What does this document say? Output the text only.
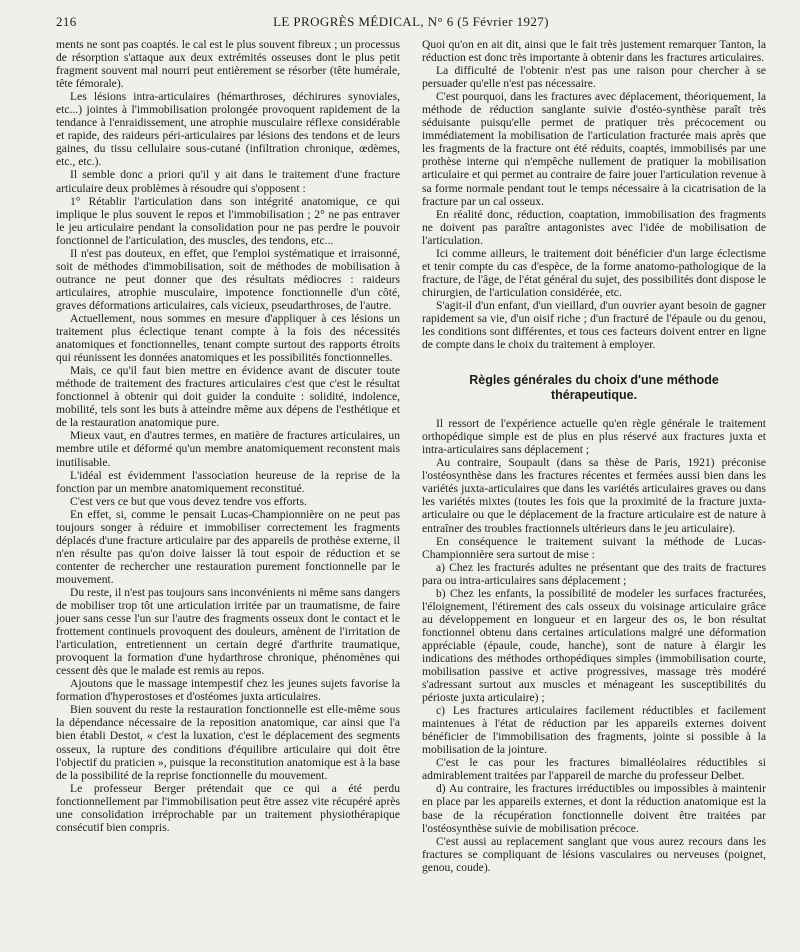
216	LE PROGRÈS MÉDICAL, N° 6 (5 Février 1927)

ments ne sont pas coaptés. le cal est le plus souvent fibreux ; un processus de résorption s'attaque aux deux extrémités osseuses dont le plus petit fragment souvent mal nourri peut entièrement se résorber (tête humérale, tête fémorale).

Les lésions intra-articulaires (hémarthroses, déchirures synoviales, etc...) jointes à l'immobilisation prolongée provoquent rapidement de la tendance à l'enraidissement, une atrophie musculaire réflexe considérable et rapide, des raideurs péri-articulaires par lésions des tendons et de leurs gaines, du tissu cellulaire sous-cutané (infiltration chronique, œdèmes, etc., etc.).

Il semble donc a priori qu'il y ait dans le traitement d'une fracture articulaire deux problèmes à résoudre qui s'opposent :

1° Rétablir l'articulation dans son intégrité anatomique, ce qui implique le plus souvent le repos et l'immobilisation ; 2° ne pas entraver le jeu articulaire pendant la consolidation pour ne pas perdre le pouvoir fonctionnel de l'articulation, des muscles, des tendons, etc...

Il n'est pas douteux, en effet, que l'emploi systématique et irraisonné, soit de méthodes d'immobilisation, soit de méthodes de mobilisation à outrance ne peut donner que des résultats médiocres : raideurs articulaires, atrophie musculaire, impotence fonctionnelle d'un côté, graves déformations articulaires, cals vicieux, pseudarthroses, de l'autre.

Actuellement, nous sommes en mesure d'appliquer à ces lésions un traitement plus éclectique tenant compte à la fois des nécessités anatomiques et fonctionnelles, tenant compte surtout des rapports étroits qui réunissent les données anatomiques et les possibilités fonctionnelles.

Mais, ce qu'il faut bien mettre en évidence avant de discuter toute méthode de traitement des fractures articulaires c'est que c'est le résultat fonctionnel à obtenir qui doit guider la conduite : solidité, indolence, mobilité, tels sont les buts à atteindre même aux dépens de l'esthétique et de la restauration anatomique pure.

Mieux vaut, en d'autres termes, en matière de fractures articulaires, un membre utile et déformé qu'un membre anatomiquement reconstent mais inutilisable.

L'idéal est évidemment l'association heureuse de la reprise de la fonction par un membre anatomiquement reconstitué.

C'est vers ce but que vous devez tendre vos efforts.

En effet, si, comme le pensait Lucas-Championnière on ne peut pas toujours songer à réduire et immobiliser correctement les fragments déplacés d'une fracture articulaire par des appareils de prothèse externe, il n'en résulte pas qu'on doive laisser là tout espoir de réduction et se contenter de rechercher une restauration purement fonctionnelle par le mouvement.

Du reste, il n'est pas toujours sans inconvénients ni même sans dangers de mobiliser trop tôt une articulation irritée par un traumatisme, de faire jouer sans cesse l'un sur l'autre des fragments osseux dont le contact et le frottement continuels provoquent des douleurs, amènent de l'irritation de l'articulation, entretiennent un certain degré d'arthrite traumatique, provoquent la formation d'une hydarthrose chronique, phénomènes qui cessent dès que le malade est remis au repos.

Ajoutons que le massage intempestif chez les jeunes sujets favorise la formation d'hyperostoses et d'ostéomes juxta articulaires.

Bien souvent du reste la restauration fonctionnelle est elle-même sous la dépendance nécessaire de la reposition anatomique, car ainsi que l'a bien établi Destot, « c'est la luxation, c'est le déplacement des segments osseux, la rupture des conditions d'équilibre articulaire qui doit être l'objectif du praticien », puisque la reconstitution anatomique est à la base de la possibilité de la reprise fonctionnelle du mouvement.

Le professeur Berger prétendait que ce qui a été perdu fonctionnellement par l'immobilisation peut être assez vite récupéré après une consolidation irréprochable par un traitement physiothérapique consécutif bien compris.

Quoi qu'on en ait dit, ainsi que le fait très justement remarquer Tanton, la réduction est donc très importante à obtenir dans les fractures articulaires.

La difficulté de l'obtenir n'est pas une raison pour chercher à se persuader qu'elle n'est pas nécessaire.

C'est pourquoi, dans les fractures avec déplacement, théoriquement, la méthode de réduction sanglante suivie d'ostéo-synthèse paraît très séduisante puisqu'elle permet de pratiquer très précocement ou immédiatement la mobilisation de l'articulation fracturée mais après que les fragments de la fracture ont été réduits, coaptés, immobilisés par une prothèse interne qui n'empêche nullement de pratiquer la mobilisation articulaire et qui permet au contraire de faire jouer l'articulation revenue à sa forme normale pendant tout le temps nécessaire à la cicatrisation de la fracture par un cal osseux.

En réalité donc, réduction, coaptation, immobilisation des fragments ne doivent pas paraître antagonistes avec l'idée de mobilisation de l'articulation.

Ici comme ailleurs, le traitement doit bénéficier d'un large éclectisme et tenir compte du cas d'espèce, de la forme anatomo-pathologique de la fracture, de l'âge, de l'état général du sujet, des possibilités dont dispose le chirurgien, de l'articulation considérée, etc.

S'agit-il d'un enfant, d'un vieillard, d'un ouvrier ayant besoin de gagner rapidement sa vie, d'un oisif riche ; d'un fracturé de l'épaule ou du genou, les conditions sont différentes, et tous ces facteurs doivent entrer en ligne de compte dans le choix du traitement à employer.

Règles générales du choix d'une méthode thérapeutique.

Il ressort de l'expérience actuelle qu'en règle générale le traitement orthopédique simple est de plus en plus réservé aux fractures juxta et intra-articulaires sans déplacement ;

Au contraire, Soupault (dans sa thèse de Paris, 1921) préconise l'ostéosynthèse dans les fractures récentes et fermées aussi bien dans les variétés juxta-articulaires que dans les variétés articulaires graves ou dans les variétés mixtes (toutes les fois que la proximité de la fracture juxta-articulaire ou que le déplacement de la fracture articulaire est de nature à entraîner des troubles fractionnels ultérieurs dans le jeu articulaire).

En conséquence le traitement suivant la méthode de Lucas-Championnière sera surtout de mise :

a) Chez les fracturés adultes ne présentant que des traits de fractures para ou intra-articulaires sans déplacement ;

b) Chez les enfants, la possibilité de modeler les surfaces fracturées, l'éloignement, l'étirement des cals osseux du voisinage articulaire grâce au développement en longueur et en largeur des os, le bon résultat fonctionnel obtenu dans certaines articulations malgré une déformation appréciable (épaule, coude, hanche), sont de nature à élargir les indications des méthodes orthopédiques simples (immobilisation courte, mobilisation passive et active progressives, massage très modéré s'adressant surtout aux muscles et ménageant les susceptibilités du périoste juxta articulaire) ;

c) Les fractures articulaires facilement réductibles et facilement maintenues à l'état de réduction par les appareils externes doivent bénéficier de l'immobilisation des fragments, jointe si possible à la mobilisation de la jointure.

C'est le cas pour les fractures bimalléolaires réductibles si admirablement traitées par l'appareil de marche du professeur Delbet.

d) Au contraire, les fractures irréductibles ou impossibles à maintenir en place par les appareils externes, et dont la réduction anatomique est la base de la récupération fonctionnelle doivent être traitées par l'ostéosynthèse suivie de mobilisation précoce.

C'est aussi au replacement sanglant que vous aurez recours dans les fractures se compliquant de lésions vasculaires ou nerveuses (poignet, genou, coude).
